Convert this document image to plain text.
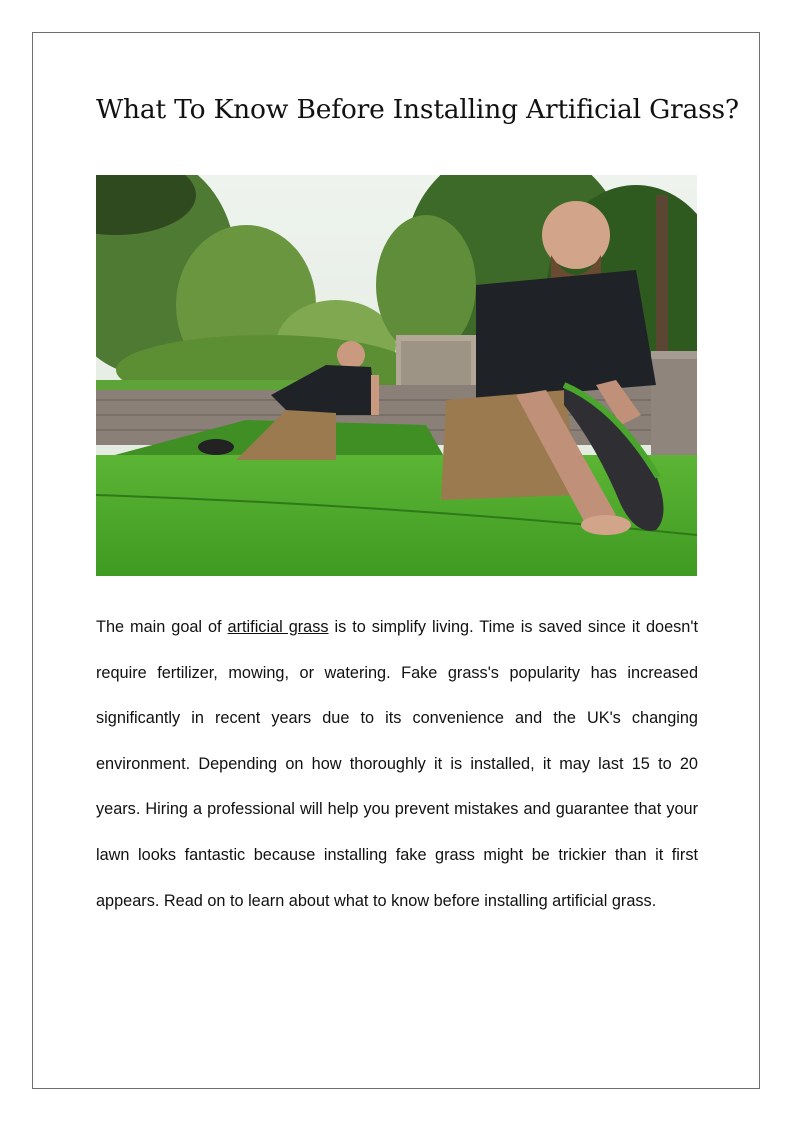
What To Know Before Installing Artificial Grass?

The main goal of artificial grass is to simplify living. Time is saved since it doesn't require fertilizer, mowing, or watering. Fake grass's popularity has increased significantly in recent years due to its convenience and the UK's changing environment. Depending on how thoroughly it is installed, it may last 15 to 20 years. Hiring a professional will help you prevent mistakes and guarantee that your lawn looks fantastic because installing fake grass might be trickier than it first appears. Read on to learn about what to know before installing artificial grass.
